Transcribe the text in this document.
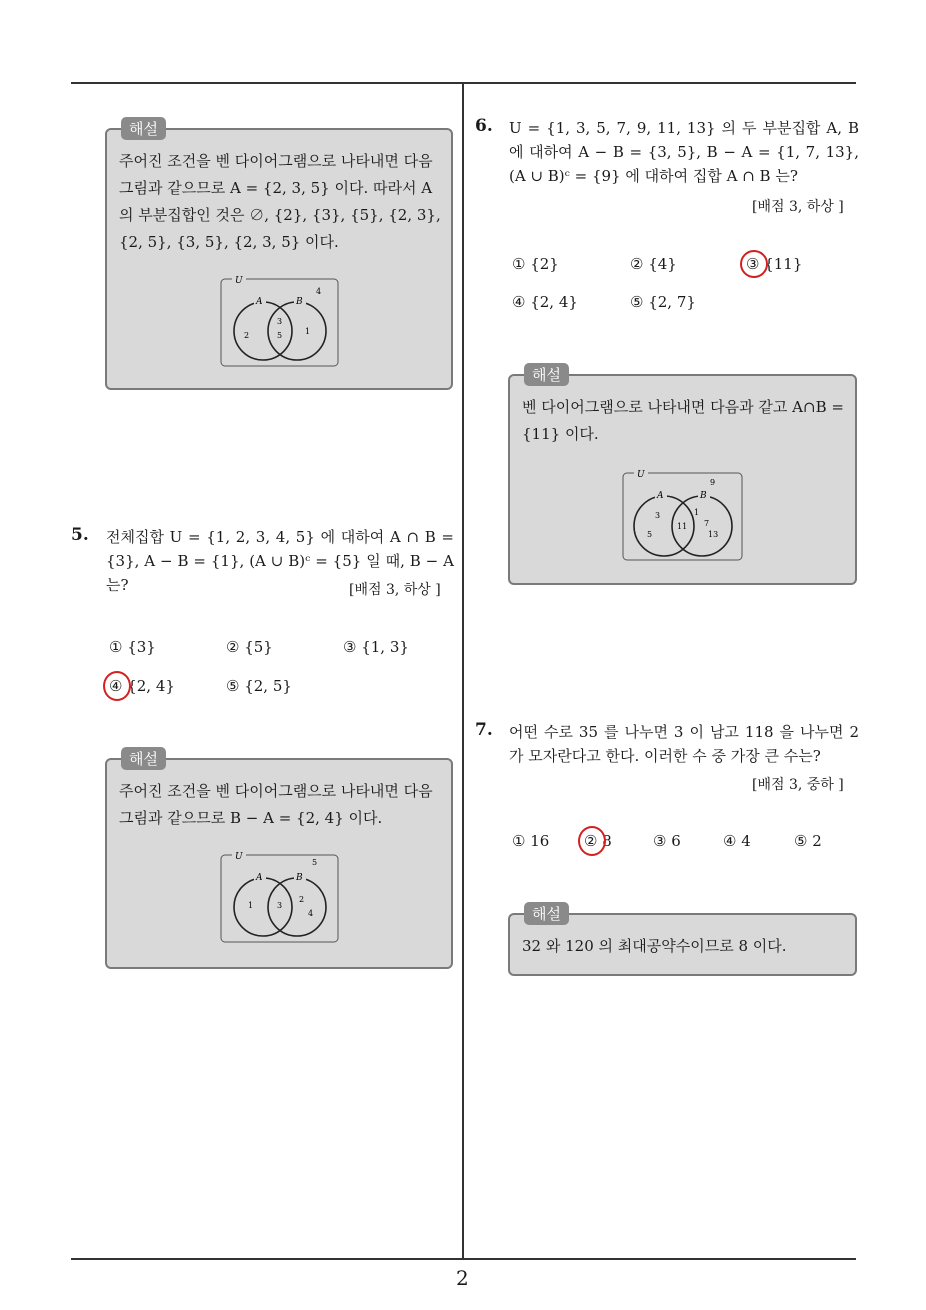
해설
주어진 조건을 벤 다이어그램으로 나타내면 다음 그림과 같으므로 A = {2, 3, 5} 이다. 따라서 A 의 부분집합인 것은 ∅, {2}, {3}, {5}, {2, 3}, {2, 5}, {3, 5}, {2, 3, 5} 이다.
U
A	B
4
2
3
5	1
5. 전체집합 U = {1, 2, 3, 4, 5} 에 대하여 A ∩ B = {3}, A − B = {1}, (A ∪ B)ᶜ = {5} 일 때, B − A 는?	[배점 3, 하상 ]
① {3}	② {5}	③ {1, 3}
④ {2, 4}	⑤ {2, 5}
해설
주어진 조건을 벤 다이어그램으로 나타내면 다음 그림과 같으므로 B − A = {2, 4} 이다.
U
A	B
5
1	3
2
4
6. U = {1, 3, 5, 7, 9, 11, 13} 의 두 부분집합 A, B 에 대하여 A − B = {3, 5}, B − A = {1, 7, 13}, (A ∪ B)ᶜ = {9} 에 대하여 집합 A ∩ B 는?
[배점 3, 하상 ]
① {2}	② {4}	③ {11}
④ {2, 4}	⑤ {2, 7}
해설
벤 다이어그램으로 나타내면 다음과 같고 A∩B = {11} 이다.
U
A	B
9
3
5
11
1
7
13
7. 어떤 수로 35 를 나누면 3 이 남고 118 을 나누면 2 가 모자란다고 한다. 이러한 수 중 가장 큰 수는?
[배점 3, 중하 ]
① 16 ② 8	③ 6	④ 4	⑤ 2
해설
32 와 120 의 최대공약수이므로 8 이다.
2
